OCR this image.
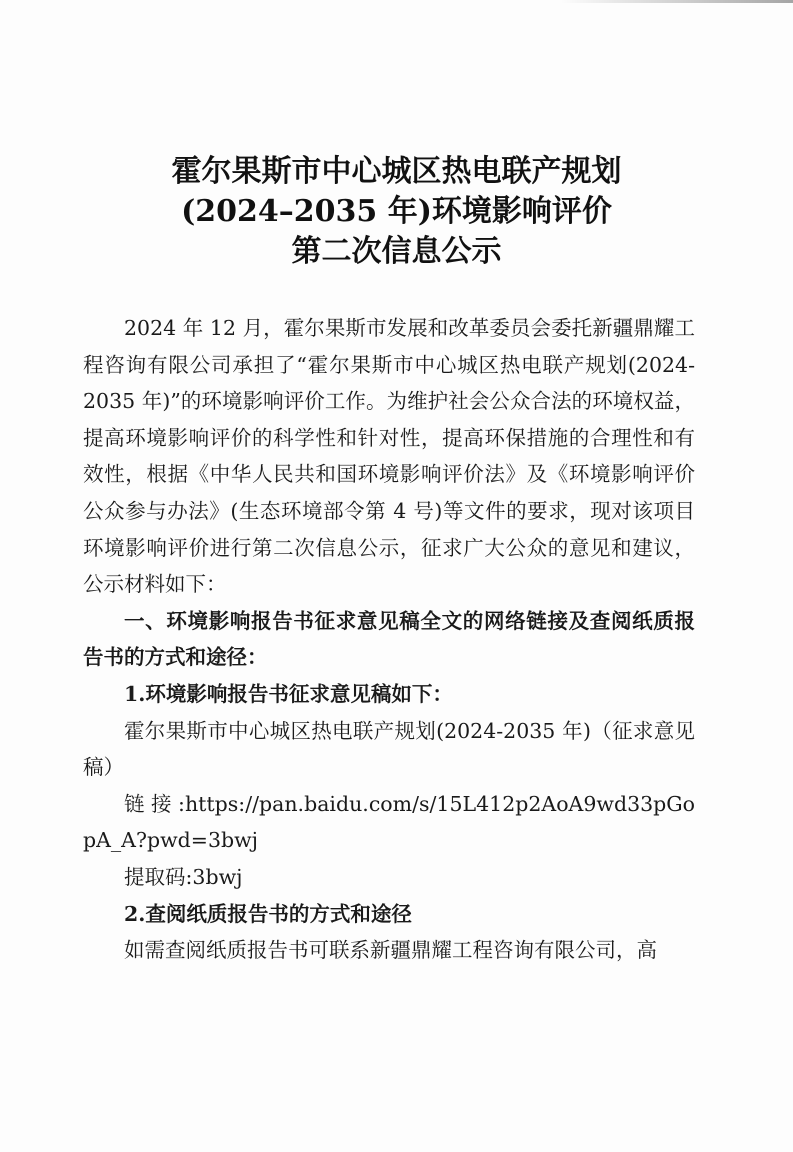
霍尔果斯市中心城区热电联产规划
(2024–2035 年)环境影响评价
第二次信息公示

2024 年 12 月，霍尔果斯市发展和改革委员会委托新疆鼎耀工程咨询有限公司承担了“霍尔果斯市中心城区热电联产规划(2024-2035 年)”的环境影响评价工作。为维护社会公众合法的环境权益，提高环境影响评价的科学性和针对性，提高环保措施的合理性和有效性，根据《中华人民共和国环境影响评价法》及《环境影响评价公众参与办法》(生态环境部令第 4 号)等文件的要求，现对该项目环境影响评价进行第二次信息公示，征求广大公众的意见和建议，公示材料如下：

一、环境影响报告书征求意见稿全文的网络链接及查阅纸质报告书的方式和途径：

1.环境影响报告书征求意见稿如下：

霍尔果斯市中心城区热电联产规划(2024-2035 年)（征求意见稿）

链接:https://pan.baidu.com/s/15L412p2AoA9wd33pGopA_A?pwd=3bwj

提取码:3bwj

2.查阅纸质报告书的方式和途径

如需查阅纸质报告书可联系新疆鼎耀工程咨询有限公司，高
